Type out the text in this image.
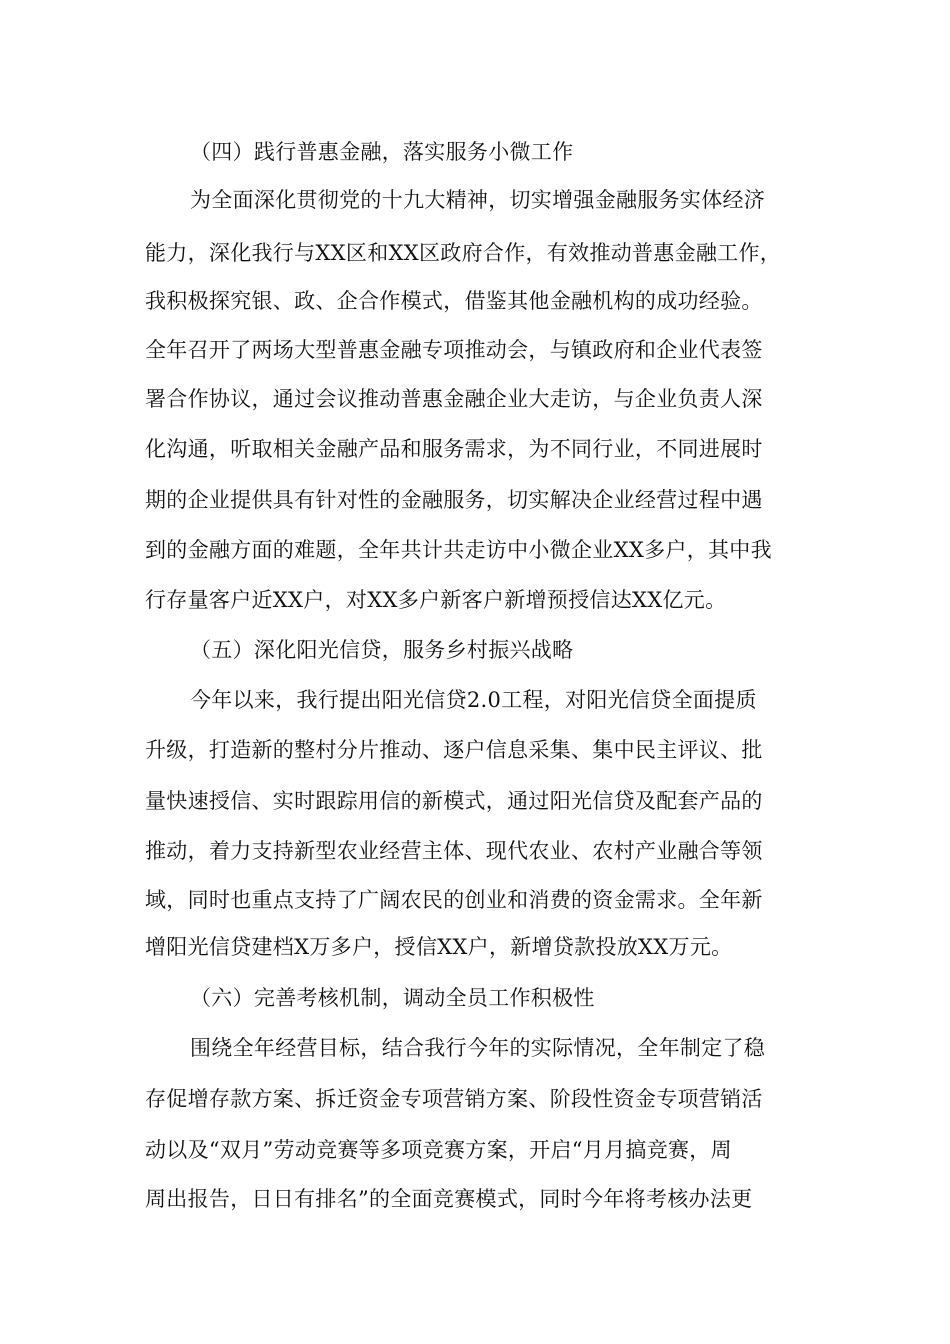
（四）践行普惠金融，落实服务小微工作
为全面深化贯彻党的十九大精神，切实增强金融服务实体经济
能力，深化我行与XX区和XX区政府合作，有效推动普惠金融工作，
我积极探究银、政、企合作模式，借鉴其他金融机构的成功经验。
全年召开了两场大型普惠金融专项推动会，与镇政府和企业代表签
署合作协议，通过会议推动普惠金融企业大走访，与企业负责人深
化沟通，听取相关金融产品和服务需求，为不同行业，不同进展时
期的企业提供具有针对性的金融服务，切实解决企业经营过程中遇
到的金融方面的难题，全年共计共走访中小微企业XX多户，其中我
行存量客户近XX户，对XX多户新客户新增预授信达XX亿元。
（五）深化阳光信贷，服务乡村振兴战略
今年以来，我行提出阳光信贷2.0工程，对阳光信贷全面提质
升级，打造新的整村分片推动、逐户信息采集、集中民主评议、批
量快速授信、实时跟踪用信的新模式，通过阳光信贷及配套产品的
推动，着力支持新型农业经营主体、现代农业、农村产业融合等领
域，同时也重点支持了广阔农民的创业和消费的资金需求。全年新
增阳光信贷建档X万多户，授信XX户，新增贷款投放XX万元。
（六）完善考核机制，调动全员工作积极性
围绕全年经营目标，结合我行今年的实际情况，全年制定了稳
存促增存款方案、拆迁资金专项营销方案、阶段性资金专项营销活
动以及“双月”劳动竞赛等多项竞赛方案，开启“月月搞竞赛，周
周出报告，日日有排名”的全面竞赛模式，同时今年将考核办法更
